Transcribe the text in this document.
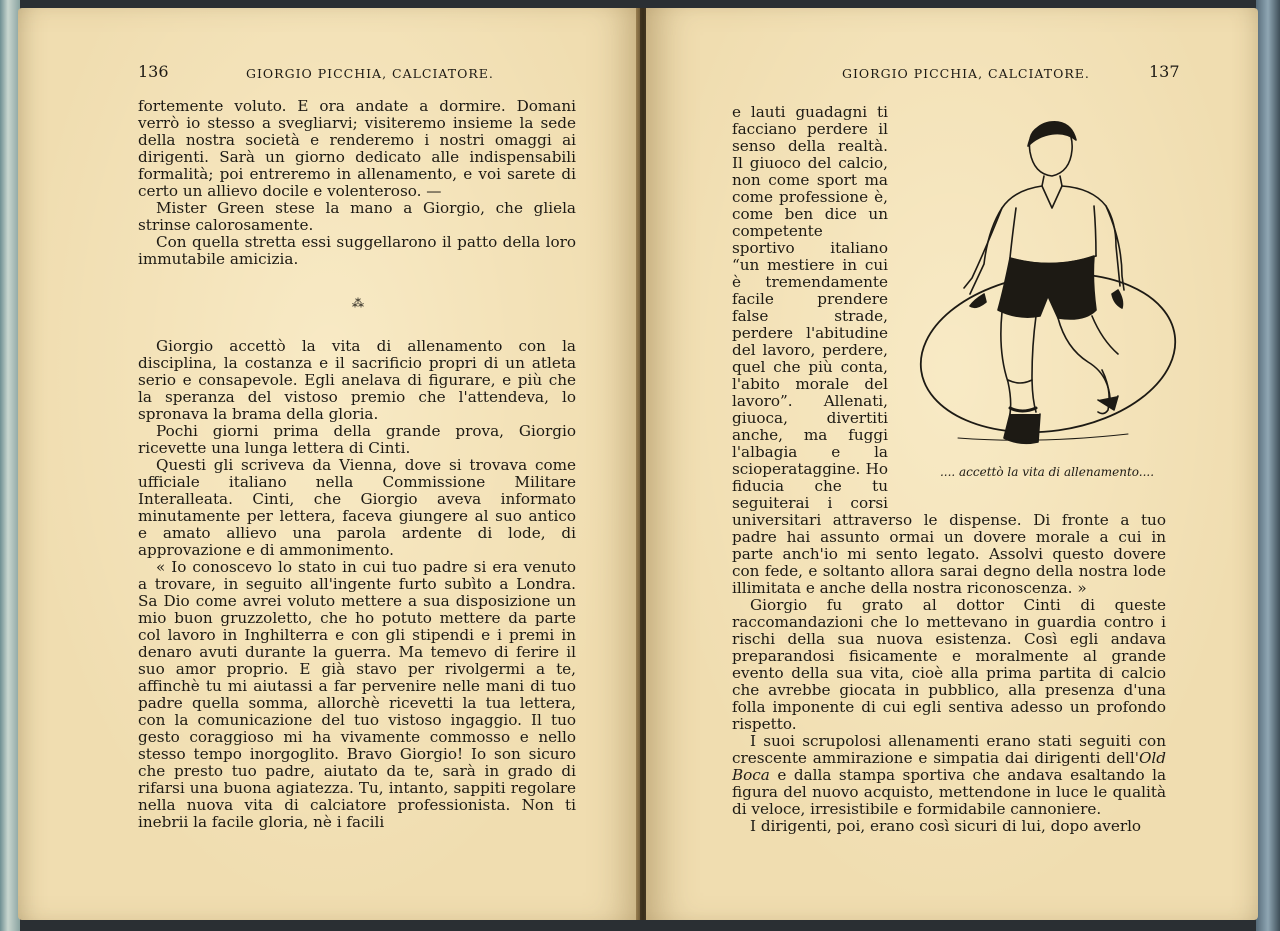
136	GIORGIO PICCHIA, CALCIATORE.

fortemente voluto. E ora andate a dormire. Domani verrò io stesso a svegliarvi; visiteremo insieme la sede della nostra società e renderemo i nostri omaggi ai dirigenti. Sarà un giorno dedicato alle indispensabili formalità; poi entreremo in allenamento, e voi sarete di certo un allievo docile e volenteroso. —

Mister Green stese la mano a Giorgio, che gliela strinse calorosamente.

Con quella stretta essi suggellarono il patto della loro immutabile amicizia.

⁂

Giorgio accettò la vita di allenamento con la disciplina, la costanza e il sacrificio propri di un atleta serio e consapevole. Egli anelava di figurare, e più che la speranza del vistoso premio che l'attendeva, lo spronava la brama della gloria.

Pochi giorni prima della grande prova, Giorgio ricevette una lunga lettera di Cinti.

Questi gli scriveva da Vienna, dove si trovava come ufficiale italiano nella Commissione Militare Interalleata. Cinti, che Giorgio aveva informato minutamente per lettera, faceva giungere al suo antico e amato allievo una parola ardente di lode, di approvazione e di ammonimento.

« Io conoscevo lo stato in cui tuo padre si era venuto a trovare, in seguito all'ingente furto subìto a Londra. Sa Dio come avrei voluto mettere a sua disposizione un mio buon gruzzoletto, che ho potuto mettere da parte col lavoro in Inghilterra e con gli stipendi e i premi in denaro avuti durante la guerra. Ma temevo di ferire il suo amor proprio. E già stavo per rivolgermi a te, affinchè tu mi aiutassi a far pervenire nelle mani di tuo padre quella somma, allorchè ricevetti la tua lettera, con la comunicazione del tuo vistoso ingaggio. Il tuo gesto coraggioso mi ha vivamente commosso e nello stesso tempo inorgoglito. Bravo Giorgio! Io son sicuro che presto tuo padre, aiutato da te, sarà in grado di rifarsi una buona agiatezza. Tu, intanto, sappiti regolare nella nuova vita di calciatore professionista. Non ti inebrii la facile gloria, nè i facili

GIORGIO PICCHIA, CALCIATORE.	137

.... accettò la vita di allenamento....
e lauti guadagni ti facciano perdere il senso della realtà. Il giuoco del calcio, non come sport ma come professione è, come ben dice un competente sportivo italiano “un mestiere in cui è tremendamente facile prendere false strade, perdere l'abitudine del lavoro, perdere, quel che più conta, l'abito morale del lavoro”. Allenati, giuoca, divertiti anche, ma fuggi l'albagia e la scioperataggine. Ho fiducia che tu seguiterai i corsi universitari attraverso le dispense. Di fronte a tuo padre hai assunto ormai un dovere morale a cui in parte anch'io mi sento legato. Assolvi questo dovere con fede, e soltanto allora sarai degno della nostra lode illimitata e anche della nostra riconoscenza. »

Giorgio fu grato al dottor Cinti di queste raccomandazioni che lo mettevano in guardia contro i rischi della sua nuova esistenza. Così egli andava preparandosi fisicamente e moralmente al grande evento della sua vita, cioè alla prima partita di calcio che avrebbe giocata in pubblico, alla presenza d'una folla imponente di cui egli sentiva adesso un profondo rispetto.

I suoi scrupolosi allenamenti erano stati seguiti con crescente ammirazione e simpatia dai dirigenti dell'Old Boca e dalla stampa sportiva che andava esaltando la figura del nuovo acquisto, mettendone in luce le qualità di veloce, irresistibile e formidabile cannoniere.

I dirigenti, poi, erano così sicuri di lui, dopo averlo
